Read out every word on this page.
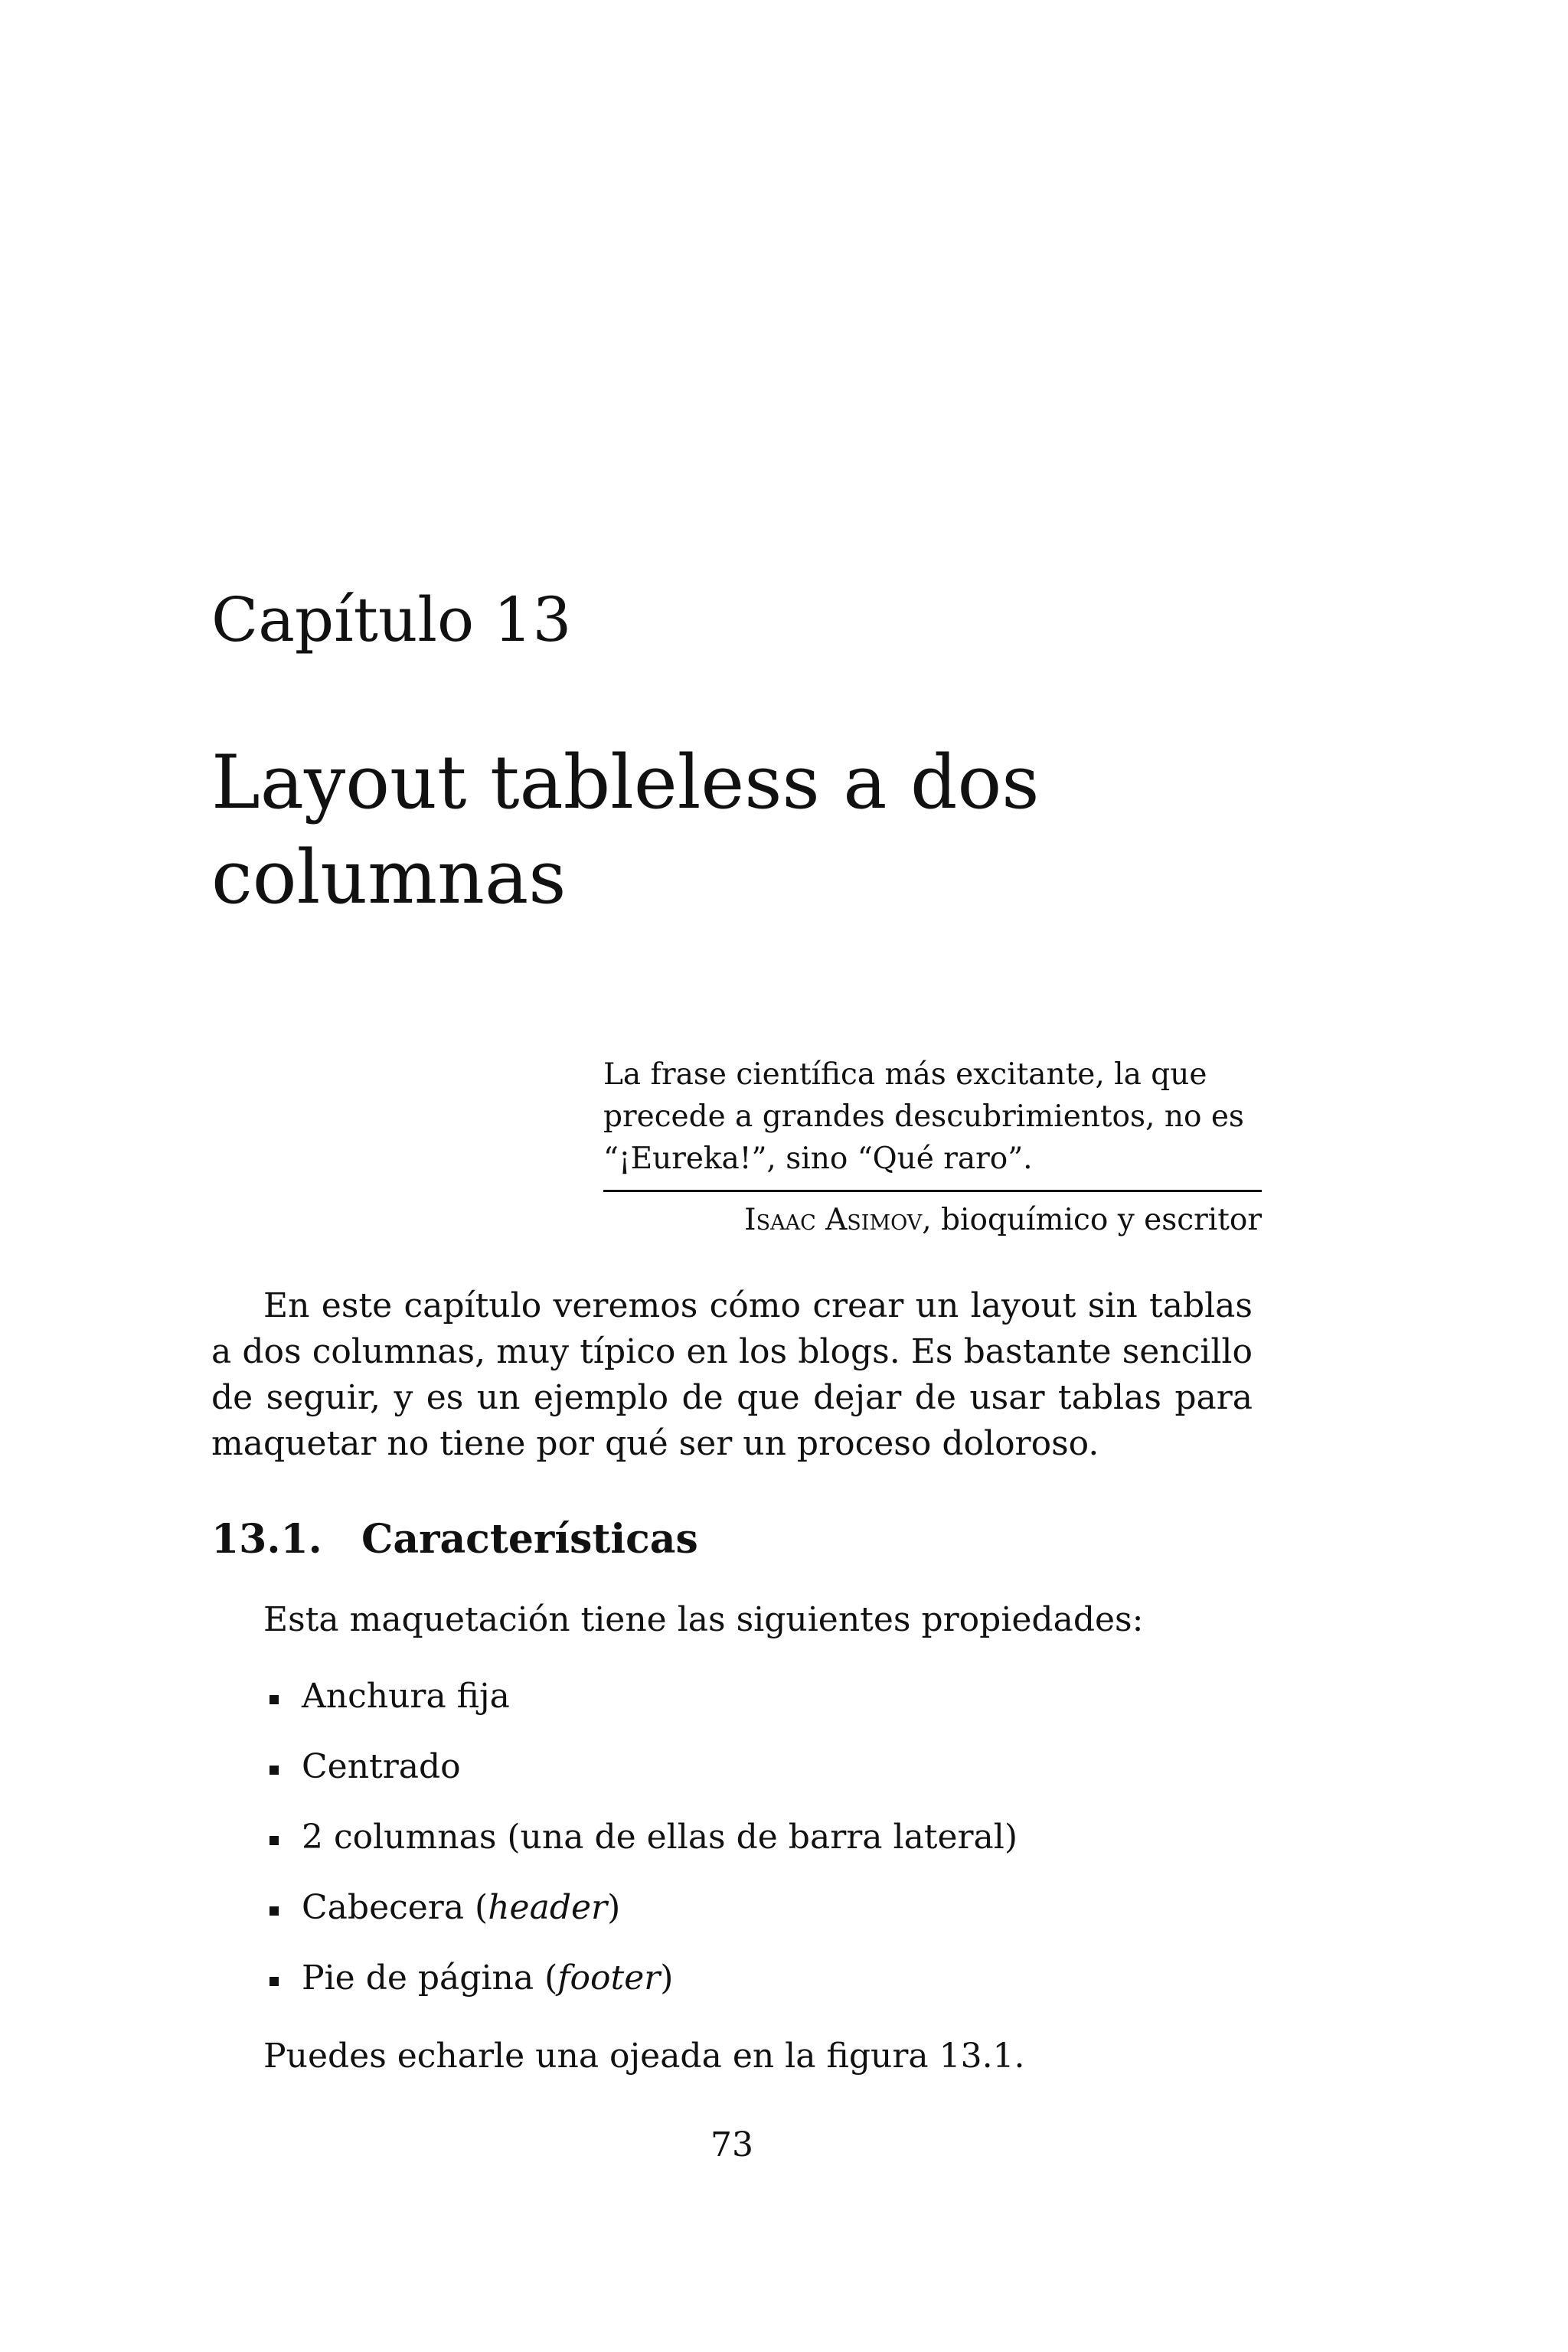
Capítulo 13
Layout tableless a dos columnas
La frase científica más excitante, la que precede a grandes descubrimientos, no es “¡Eureka!”, sino “Qué raro”.
Isaac Asimov, bioquímico y escritor

En este capítulo veremos cómo crear un layout sin tablas a dos columnas, muy típico en los blogs. Es bastante sencillo de seguir, y es un ejemplo de que dejar de usar tablas para maquetar no tiene por qué ser un proceso doloroso.

13.1. Características
Esta maquetación tiene las siguientes propiedades:
Anchura fija
Centrado
2 columnas (una de ellas de barra lateral)
Cabecera (header)
Pie de página (footer)
Puedes echarle una ojeada en la figura 13.1.
73
